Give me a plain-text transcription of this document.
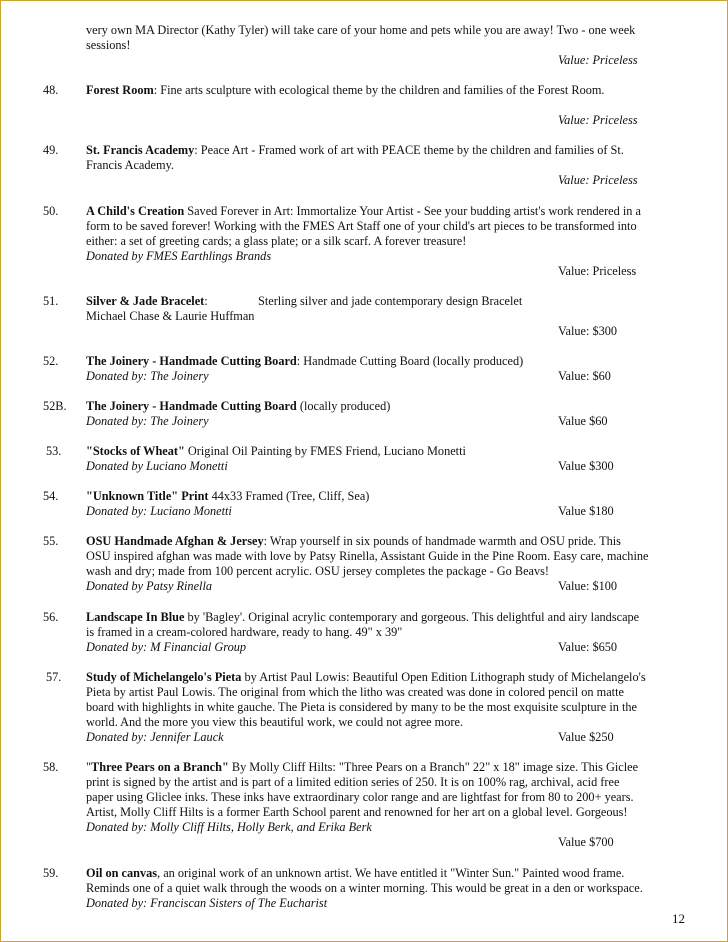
very own MA Director (Kathy Tyler) will take care of your home and pets while you are away! Two - one week
sessions!
Value: Priceless
48. Forest Room: Fine arts sculpture with ecological theme by the children and families of the Forest Room.
Value: Priceless
49. St. Francis Academy: Peace Art - Framed work of art with PEACE theme by the children and families of St.
Francis Academy.
Value: Priceless
50. A Child's Creation Saved Forever in Art: Immortalize Your Artist - See your budding artist's work rendered in a
form to be saved forever! Working with the FMES Art Staff one of your child's art pieces to be transformed into
either: a set of greeting cards; a glass plate; or a silk scarf. A forever treasure!
Donated by FMES Earthlings Brands
Value: Priceless
51. Silver & Jade Bracelet:	Sterling silver and jade contemporary design Bracelet
Michael Chase & Laurie Huffman
Value: $300
52. The Joinery - Handmade Cutting Board: Handmade Cutting Board (locally produced)
Donated by: The Joinery	Value: $60
52B. The Joinery - Handmade Cutting Board (locally produced)
Donated by: The Joinery	Value $60
53. "Stocks of Wheat" Original Oil Painting by FMES Friend, Luciano Monetti
Donated by Luciano Monetti	Value $300
54. "Unknown Title" Print 44x33 Framed (Tree, Cliff, Sea)
Donated by: Luciano Monetti	Value $180
55. OSU Handmade Afghan & Jersey: Wrap yourself in six pounds of handmade warmth and OSU pride. This
OSU inspired afghan was made with love by Patsy Rinella, Assistant Guide in the Pine Room. Easy care, machine
wash and dry; made from 100 percent acrylic. OSU jersey completes the package - Go Beavs!
Donated by Patsy Rinella	Value: $100
56. Landscape In Blue by 'Bagley'. Original acrylic contemporary and gorgeous. This delightful and airy landscape
is framed in a cream-colored hardware, ready to hang. 49" x 39"
Donated by: M Financial Group	Value: $650
57. Study of Michelangelo's Pieta by Artist Paul Lowis: Beautiful Open Edition Lithograph study of Michelangelo's
Pieta by artist Paul Lowis. The original from which the litho was created was done in colored pencil on matte
board with highlights in white gauche. The Pieta is considered by many to be the most exquisite sculpture in the
world. And the more you view this beautiful work, we could not agree more.
Donated by: Jennifer Lauck	Value $250
58. "Three Pears on a Branch" By Molly Cliff Hilts: "Three Pears on a Branch" 22" x 18" image size. This Giclee
print is signed by the artist and is part of a limited edition series of 250. It is on 100% rag, archival, acid free
paper using Gliclee inks. These inks have extraordinary color range and are lightfast for from 80 to 200+ years.
Artist, Molly Cliff Hilts is a former Earth School parent and renowned for her art on a global level. Gorgeous!
Donated by: Molly Cliff Hilts, Holly Berk, and Erika Berk
Value $700
59. Oil on canvas, an original work of an unknown artist. We have entitled it "Winter Sun." Painted wood frame.
Reminds one of a quiet walk through the woods on a winter morning. This would be great in a den or workspace.
Donated by: Franciscan Sisters of The Eucharist
12
